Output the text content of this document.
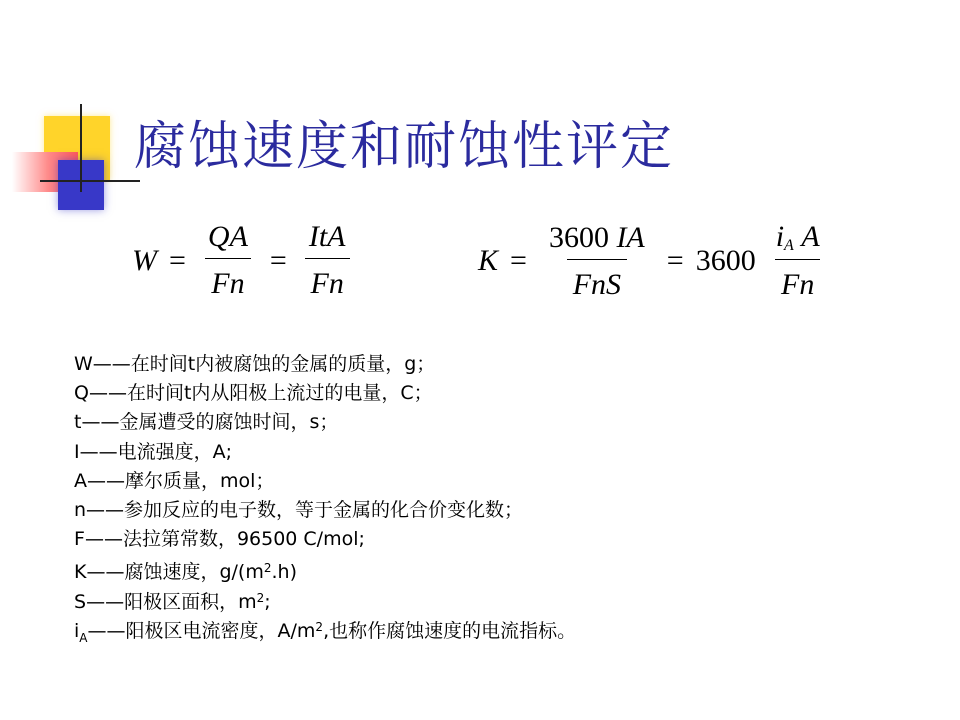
腐蚀速度和耐蚀性评定
$W = \frac{QA}{Fn} = \frac{\text{ItA}}{Fn}$	$K = \frac{3600 IA}{\text{FnS}} = 3600 \frac{i_A A}{Fn}$
W——在时间t内被腐蚀的金属的质量，g；
Q——在时间t内从阳极上流过的电量，C；
t——金属遭受的腐蚀时间，s；
I——电流强度，A;
A——摩尔质量，mol；
n——参加反应的电子数，等于金属的化合价变化数；
F——法拉第常数，96500 C/mol;
K——腐蚀速度，$g/(m^2.h)$
S——阳极区面积，$m^2$;
$i_A——$阳极区电流密度，$A/m^2$,也称作腐蚀速度的电流指标。
